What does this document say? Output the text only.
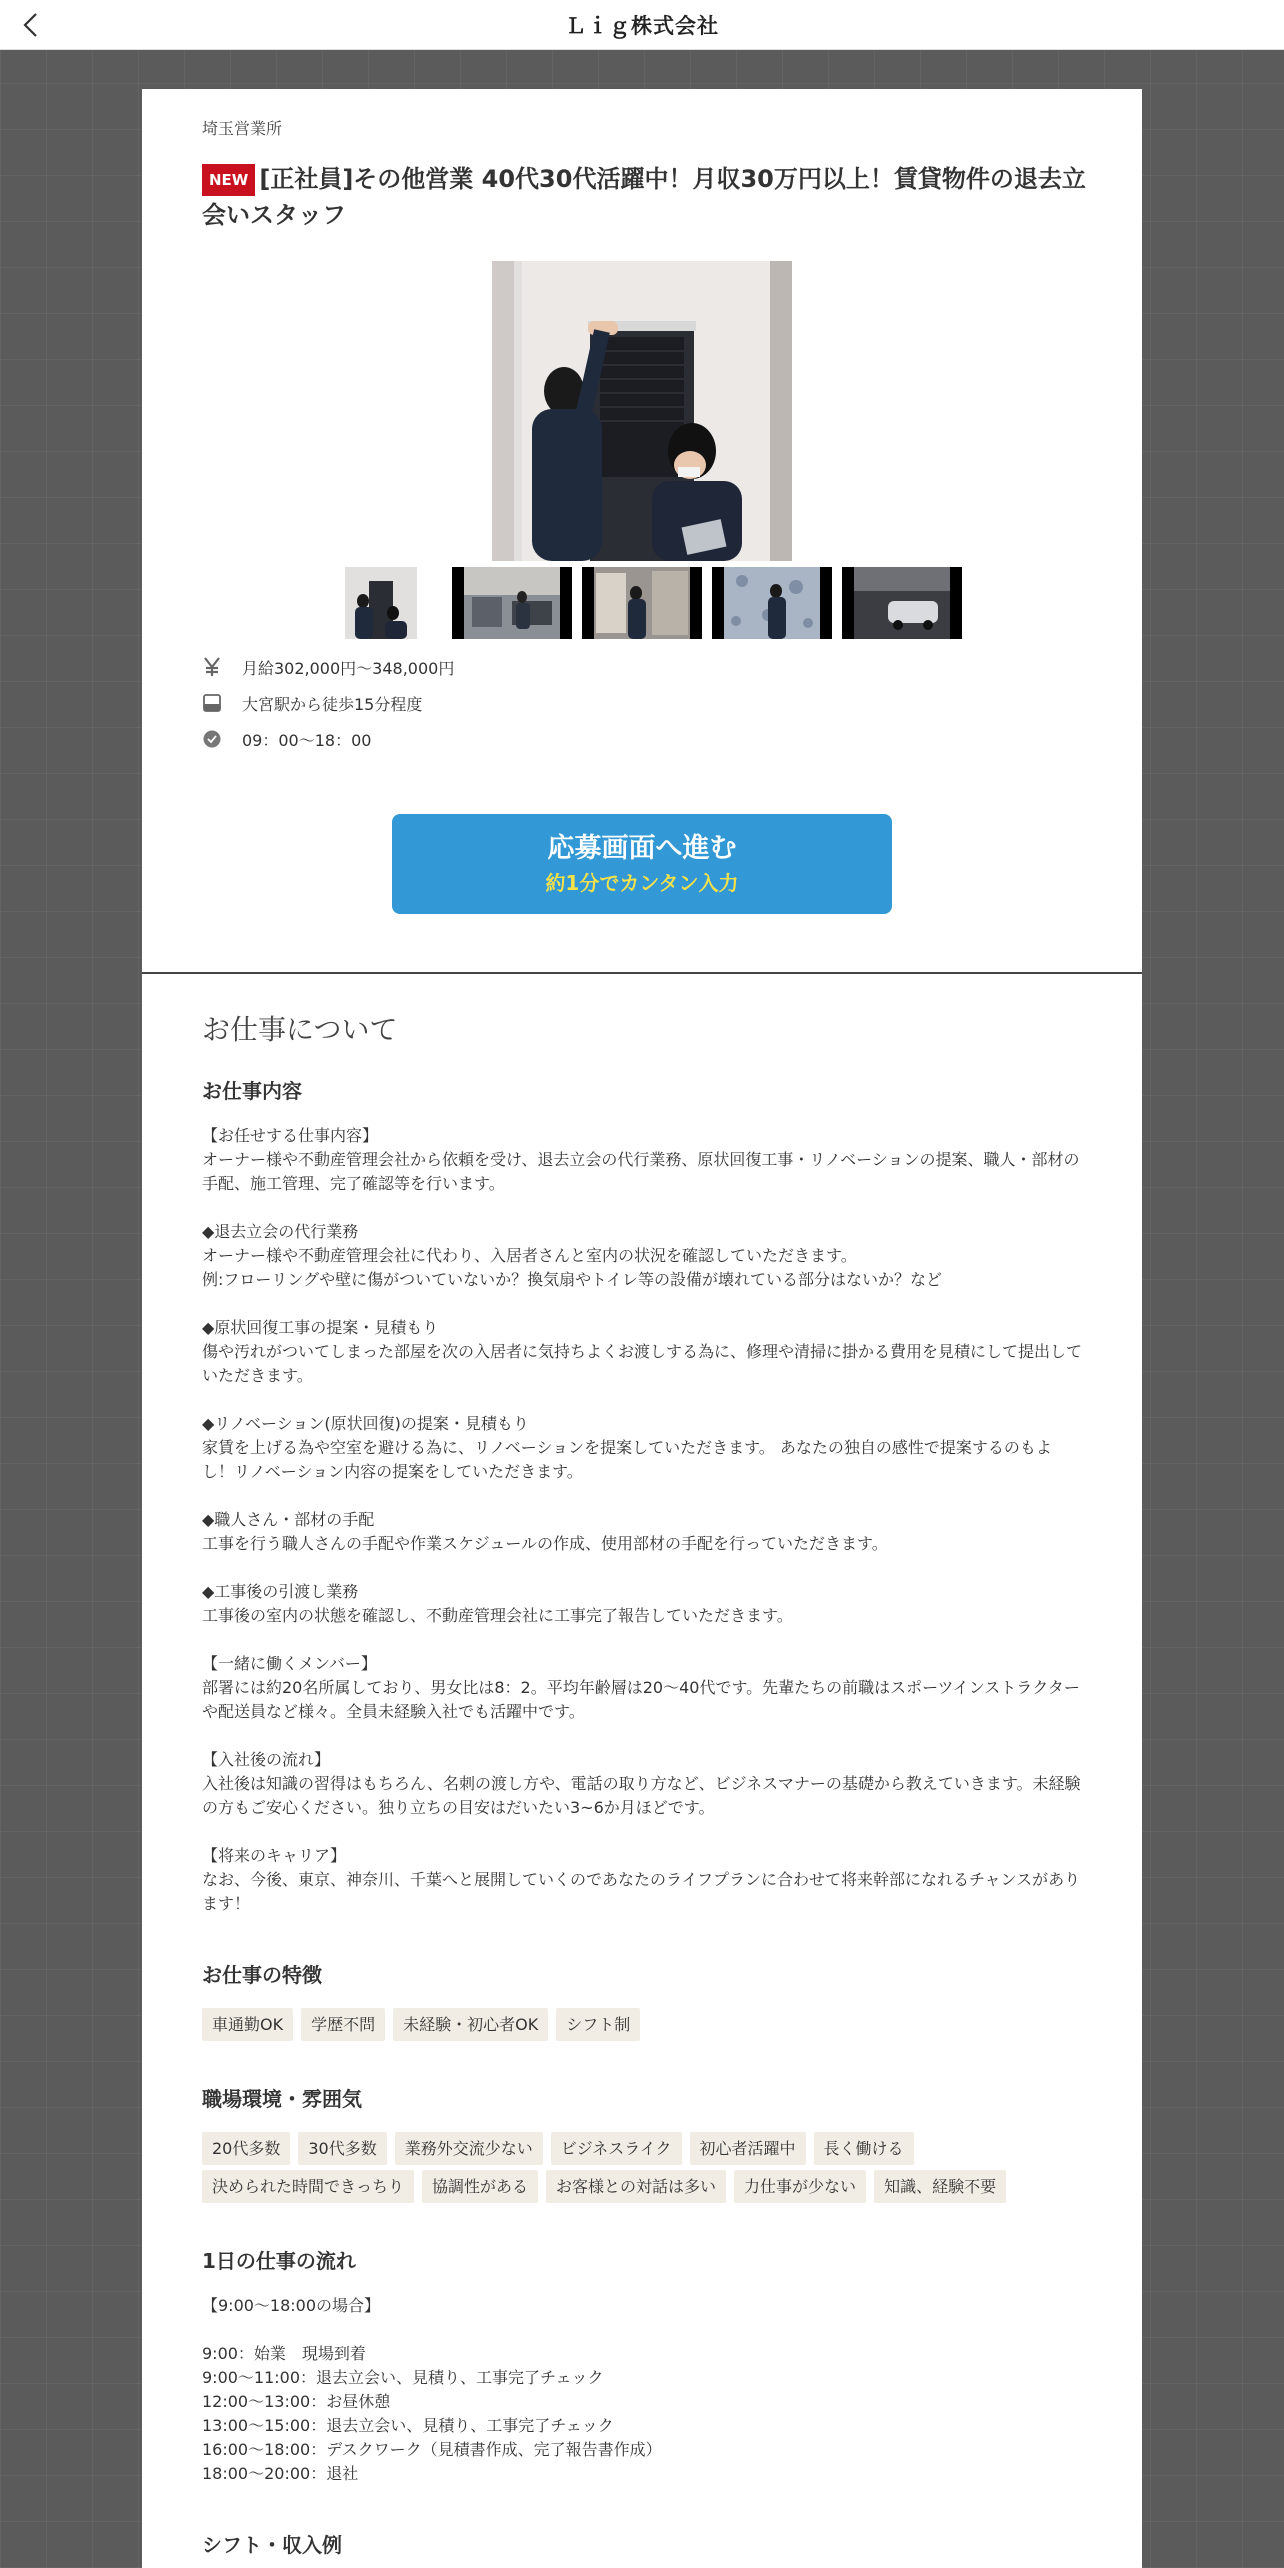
Ｌｉｇ株式会社
埼玉営業所
NEW [正社員]その他営業 40代30代活躍中！月収30万円以上！賃貸物件の退去立会いスタッフ
月給302,000円〜348,000円
大宮駅から徒歩15分程度
09：00～18：00
応募画面へ進む
約1分でカンタン入力
お仕事について
お仕事内容

【お任せする仕事内容】

オーナー様や不動産管理会社から依頼を受け、退去立会の代行業務、原状回復工事・リノベーションの提案、職人・部材の手配、施工管理、完了確認等を行います。

◆退去立会の代行業務

オーナー様や不動産管理会社に代わり、入居者さんと室内の状況を確認していただきます。

例:フローリングや壁に傷がついていないか？換気扇やトイレ等の設備が壊れている部分はないか？など

◆原状回復工事の提案・見積もり

傷や汚れがついてしまった部屋を次の入居者に気持ちよくお渡しする為に、修理や清掃に掛かる費用を見積にして提出していただきます。

◆リノベーション(原状回復)の提案・見積もり

家賃を上げる為や空室を避ける為に、リノベーションを提案していただきます。 あなたの独自の感性で提案するのもよし！リノベーション内容の提案をしていただきます。

◆職人さん・部材の手配

工事を行う職人さんの手配や作業スケジュールの作成、使用部材の手配を行っていただきます。

◆工事後の引渡し業務

工事後の室内の状態を確認し、不動産管理会社に工事完了報告していただきます。

【一緒に働くメンバー】

部署には約20名所属しており、男女比は8：2。平均年齢層は20～40代です。先輩たちの前職はスポーツインストラクターや配送員など様々。全員未経験入社でも活躍中です。

【入社後の流れ】

入社後は知識の習得はもちろん、名刺の渡し方や、電話の取り方など、ビジネスマナーの基礎から教えていきます。未経験の方もご安心ください。独り立ちの目安はだいたい3~6か月ほどです。

【将来のキャリア】

なお、今後、東京、神奈川、千葉へと展開していくのであなたのライフプランに合わせて将来幹部になれるチャンスがあります！

お仕事の特徴
車通勤OK	学歴不問	未経験・初心者OK	シフト制
職場環境・雰囲気
20代多数	30代多数	業務外交流少ない	ビジネスライク	初心者活躍中	長く働ける
決められた時間できっちり	協調性がある	お客様との対話は多い	力仕事が少ない	知識、経験不要
1日の仕事の流れ

【9:00〜18:00の場合】

9:00：始業　現場到着

9:00〜11:00：退去立会い、見積り、工事完了チェック

12:00〜13:00：お昼休憩

13:00〜15:00：退去立会い、見積り、工事完了チェック

16:00〜18:00：デスクワーク（見積書作成、完了報告書作成）

18:00～20:00：退社

シフト・収入例
